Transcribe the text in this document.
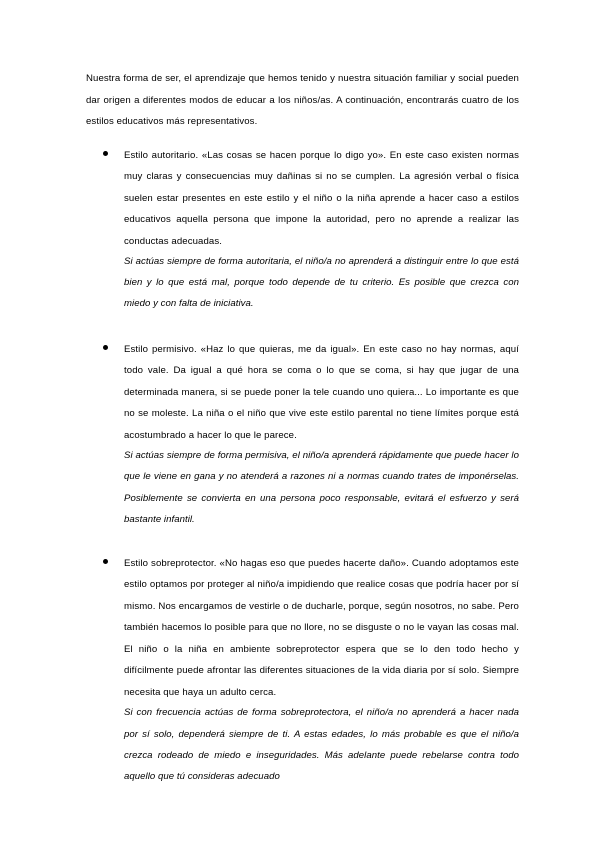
Nuestra forma de ser, el aprendizaje que hemos tenido y nuestra situación familiar y social pueden dar origen a diferentes modos de educar a los niños/as. A continuación, encontrarás cuatro de los estilos educativos más representativos.

Estilo autoritario. «Las cosas se hacen porque lo digo yo». En este caso existen normas muy claras y consecuencias muy dañinas si no se cumplen. La agresión verbal o física suelen estar presentes en este estilo y el niño o la niña aprende a hacer caso a estilos educativos aquella persona que impone la autoridad, pero no aprende a realizar las conductas adecuadas.

Si actúas siempre de forma autoritaria, el niño/a no aprenderá a distinguir entre lo que está bien y lo que está mal, porque todo depende de tu criterio. Es posible que crezca con miedo y con falta de iniciativa.

Estilo permisivo. «Haz lo que quieras, me da igual». En este caso no hay normas, aquí todo vale. Da igual a qué hora se coma o lo que se coma, si hay que jugar de una determinada manera, si se puede poner la tele cuando uno quiera... Lo importante es que no se moleste. La niña o el niño que vive este estilo parental no tiene límites porque está acostumbrado a hacer lo que le parece.

Si actúas siempre de forma permisiva, el niño/a aprenderá rápidamente que puede hacer lo que le viene en gana y no atenderá a razones ni a normas cuando trates de imponérselas. Posiblemente se convierta en una persona poco responsable, evitará el esfuerzo y será bastante infantil.

Estilo sobreprotector. «No hagas eso que puedes hacerte daño». Cuando adoptamos este estilo optamos por proteger al niño/a impidiendo que realice cosas que podría hacer por sí mismo. Nos encargamos de vestirle o de ducharle, porque, según nosotros, no sabe. Pero también hacemos lo posible para que no llore, no se disguste o no le vayan las cosas mal. El niño o la niña en ambiente sobreprotector espera que se lo den todo hecho y difícilmente puede afrontar las diferentes situaciones de la vida diaria por sí solo. Siempre necesita que haya un adulto cerca.

Si con frecuencia actúas de forma sobreprotectora, el niño/a no aprenderá a hacer nada por sí solo, dependerá siempre de ti. A estas edades, lo más probable es que el niño/a crezca rodeado de miedo e inseguridades. Más adelante puede rebelarse contra todo aquello que tú consideras adecuado
